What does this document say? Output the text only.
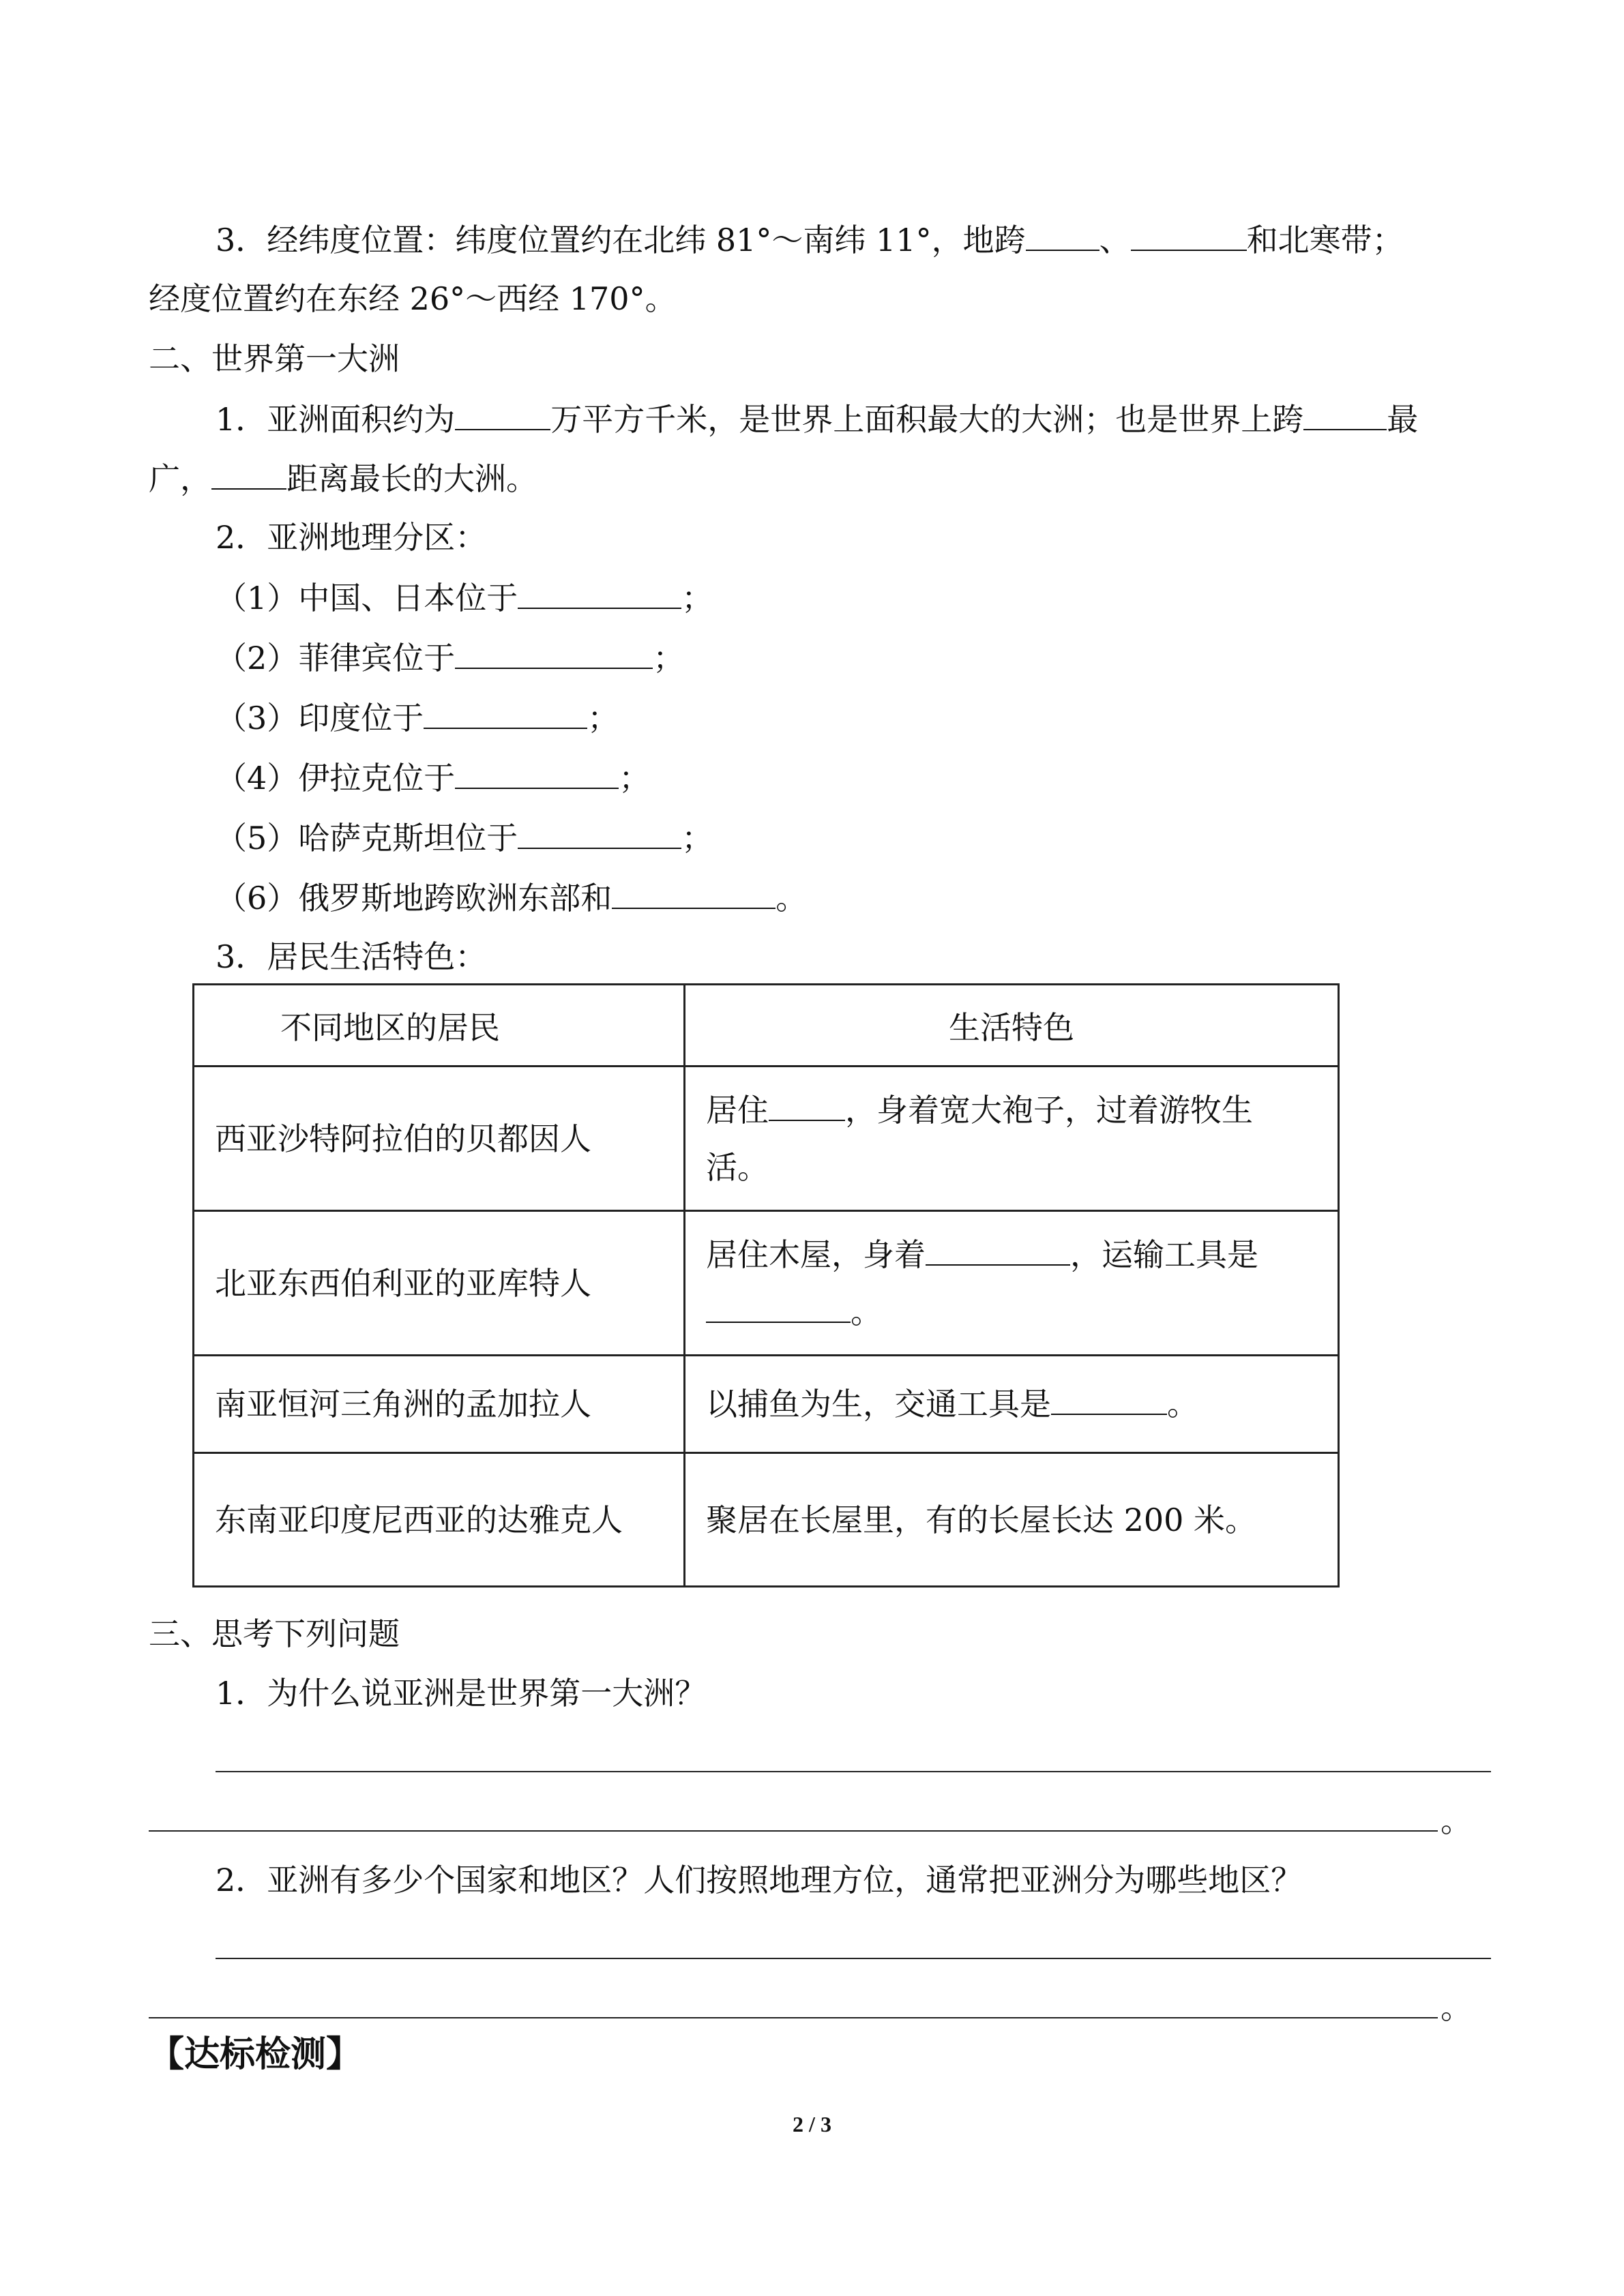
3．经纬度位置：纬度位置约在北纬 81°～南纬 11°，地跨 、	和北寒带；
经度位置约在东经 26°～西经 170°。
二、世界第一大洲
1．亚洲面积约为	万平方千米，是世界上面积最大的大洲；也是世界上跨	最
广， 距离最长的大洲。
2．亚洲地理分区：
（1）中国、日本位于	；
（2）菲律宾位于	；
（3）印度位于	；
（4）伊拉克位于	；
（5）哈萨克斯坦位于	；
（6）俄罗斯地跨欧洲东部和	。
3．居民生活特色：
不同地区的居民	生活特色
西亚沙特阿拉伯的贝都因人	居住 ，身着宽大袍子，过着游牧生
活。
北亚东西伯利亚的亚库特人	居住木屋，身着 ，运输工具是
。
南亚恒河三角洲的孟加拉人	以捕鱼为生，交通工具是 。
东南亚印度尼西亚的达雅克人	聚居在长屋里，有的长屋长达 200 米。
三、思考下列问题
1．为什么说亚洲是世界第一大洲？
。
2．亚洲有多少个国家和地区？人们按照地理方位，通常把亚洲分为哪些地区？
。
【达标检测】
2 / 3
